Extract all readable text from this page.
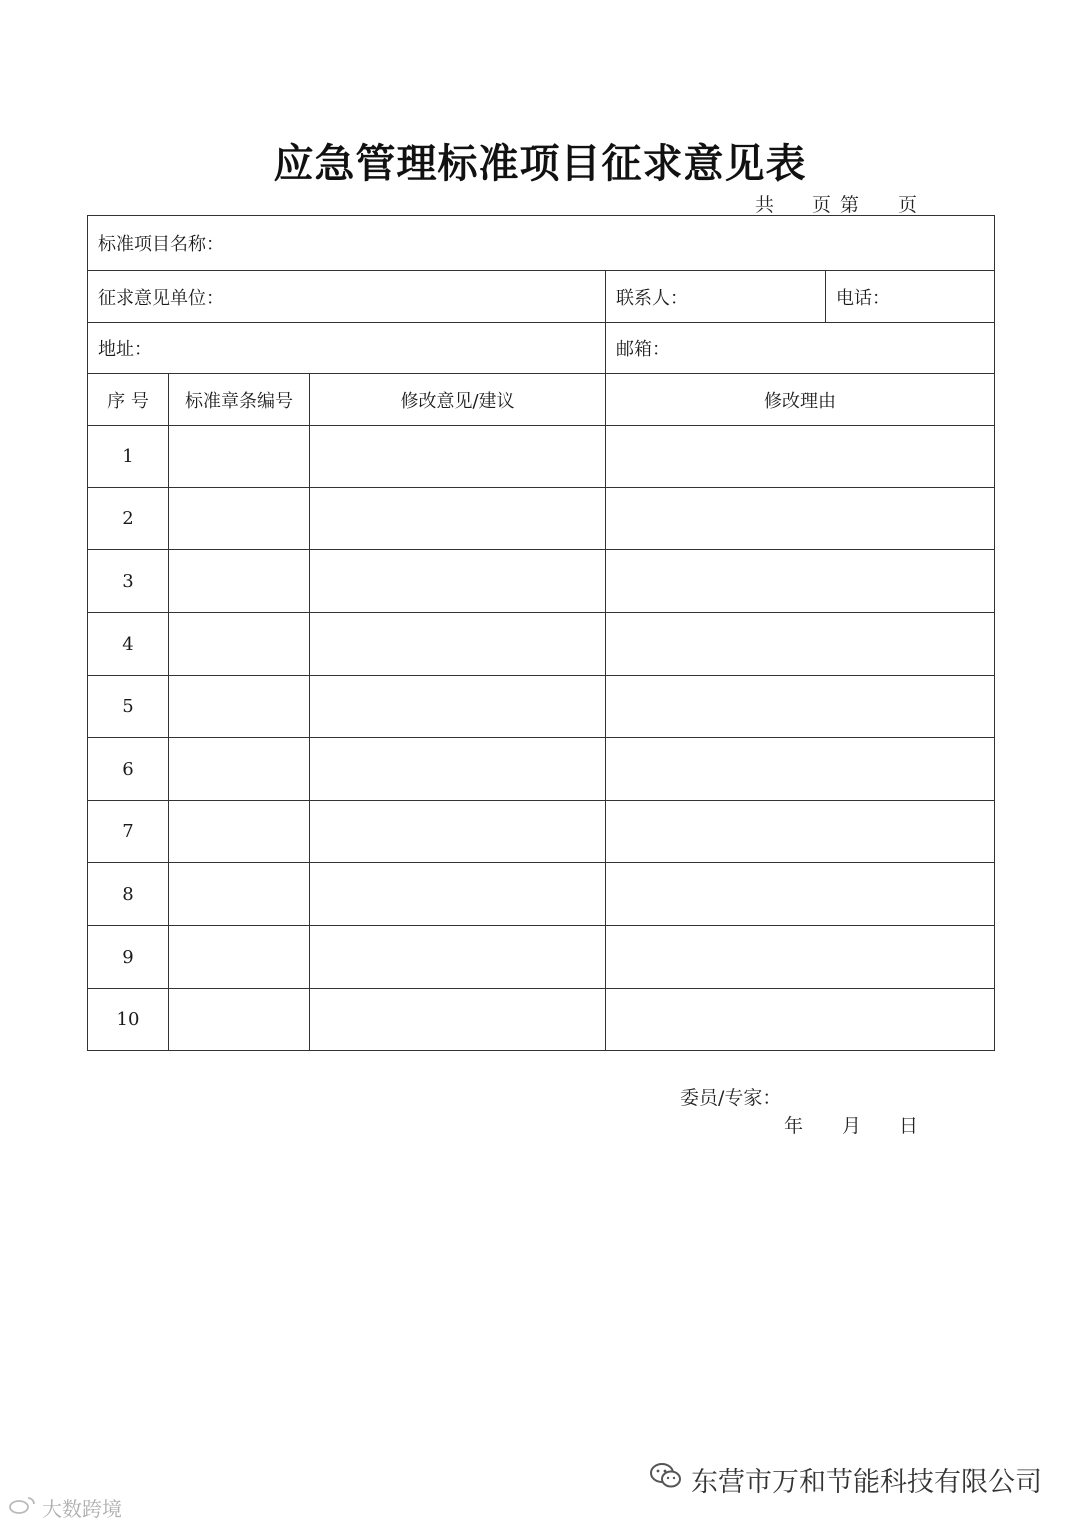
应急管理标准项目征求意见表
共 页 第 页
标准项目名称：				
征求意见单位：			联系人：	电话：
地址：			邮箱：	
序 号	标准章条编号	修改意见/建议	修改理由	
1				
2				
3				
4				
5				
6				
7				
8				
9				
10				
委员/专家：
年 月 日
东营市万和节能科技有限公司
大数跨境
